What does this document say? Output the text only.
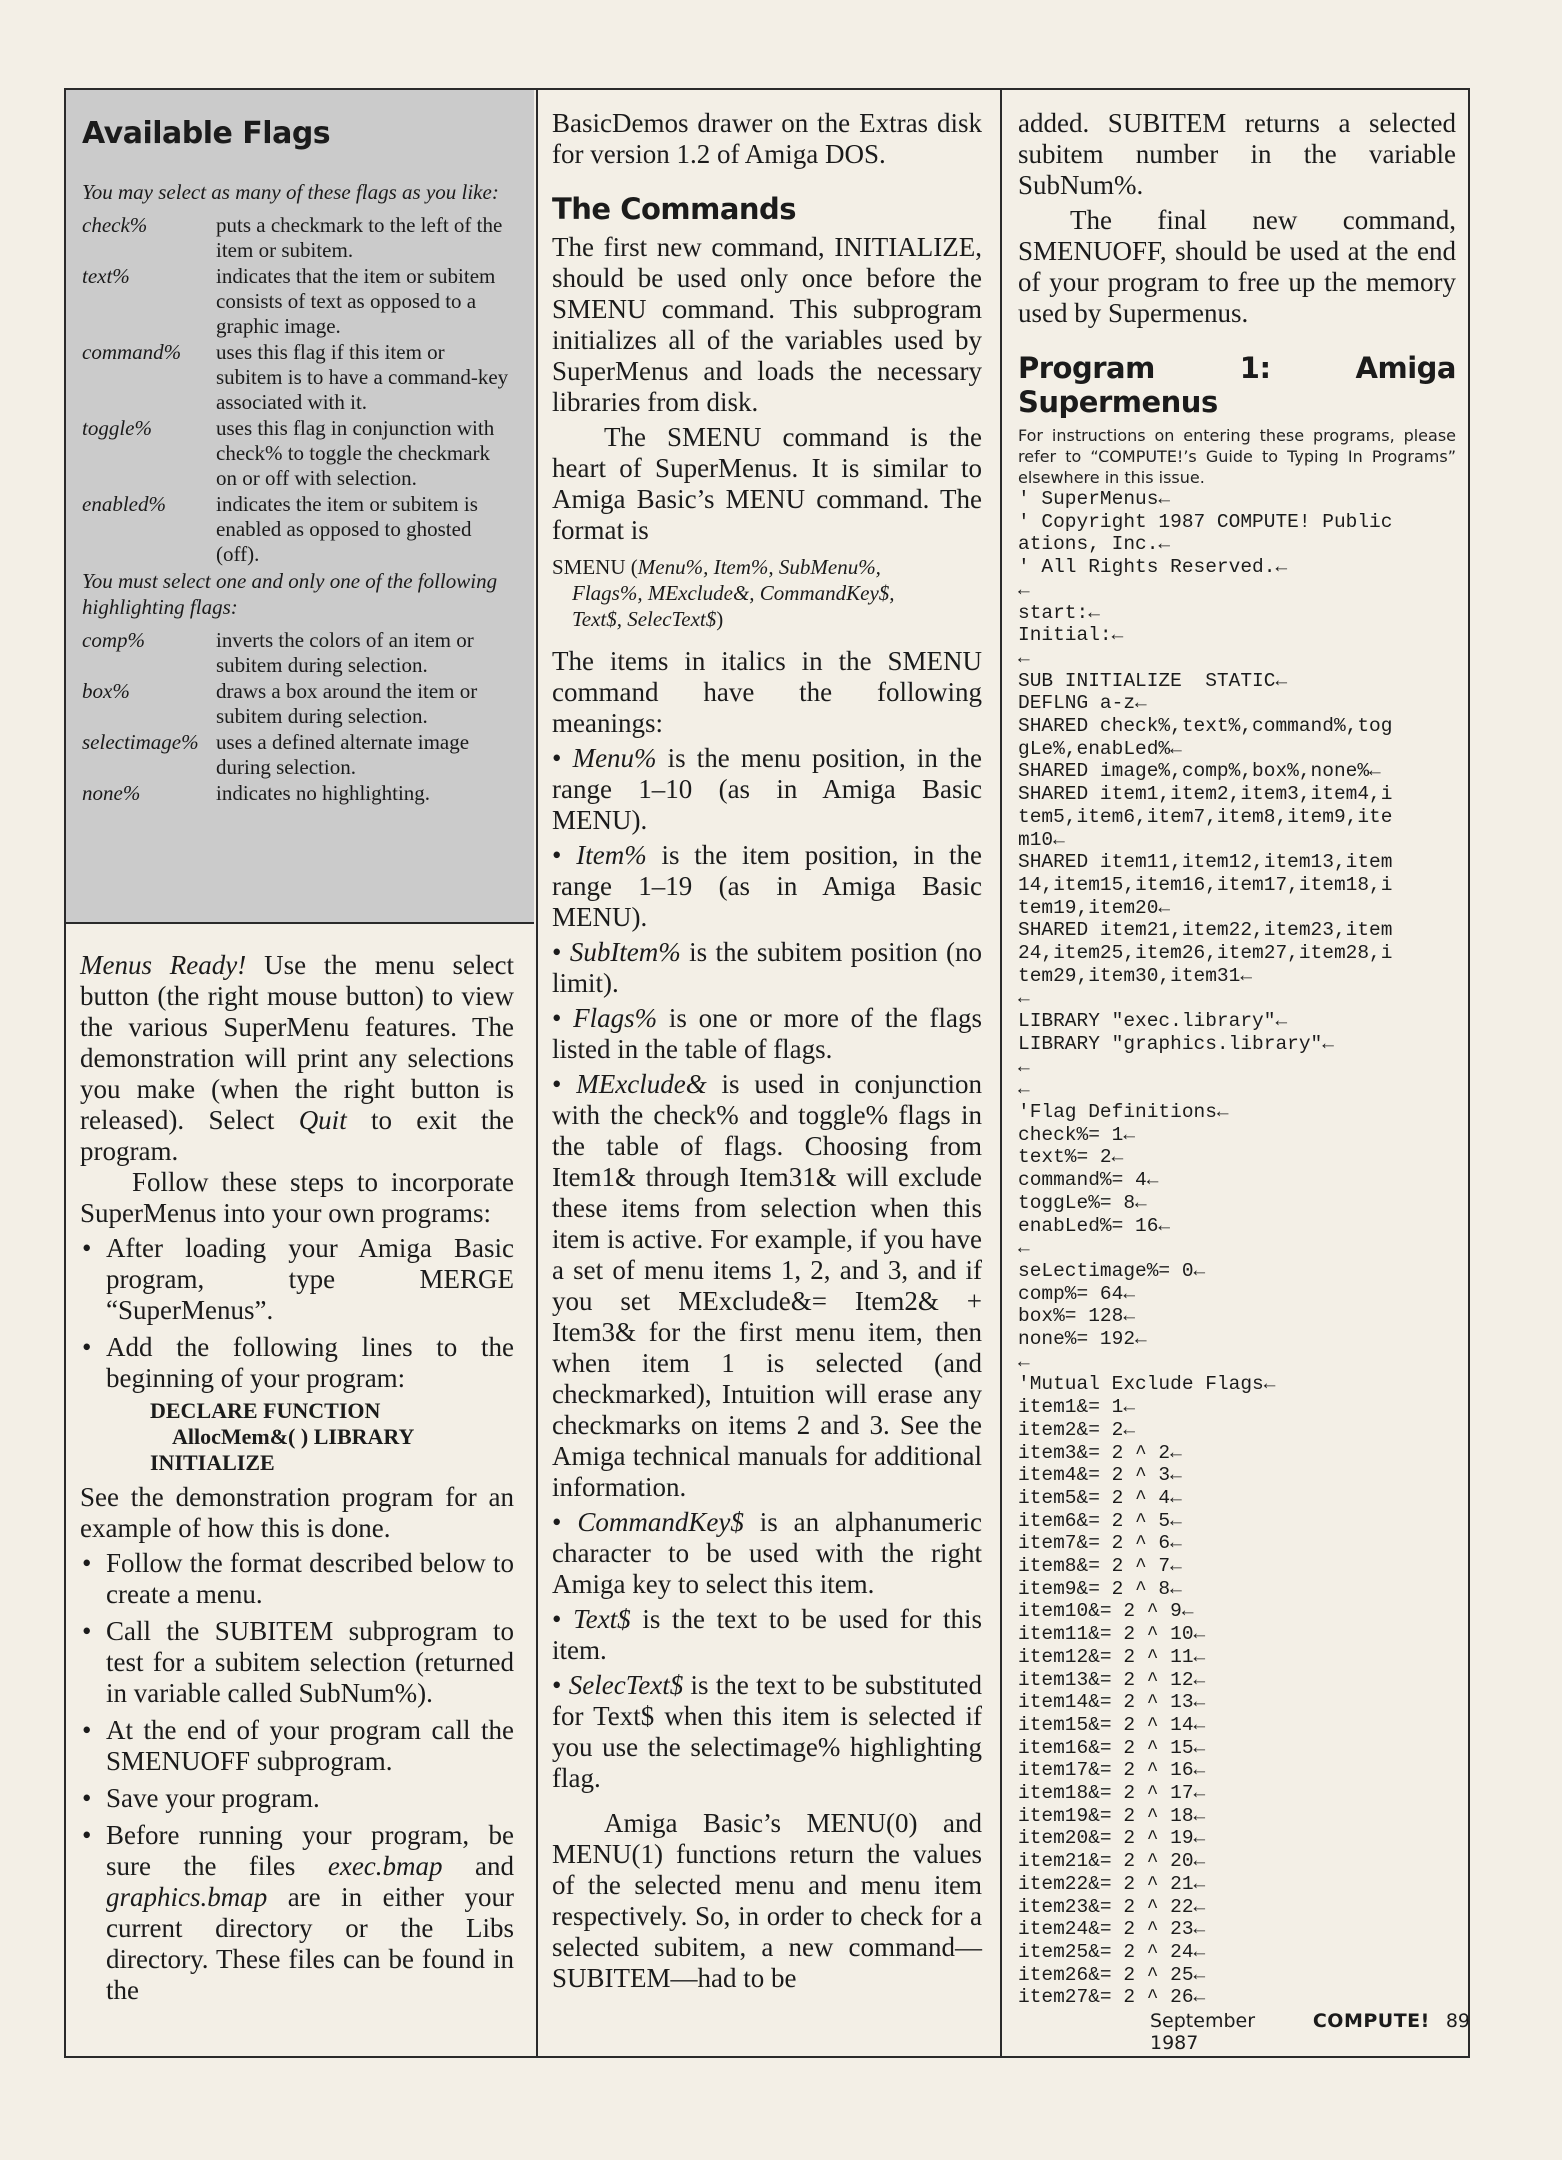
Available Flags

You may select as many of these flags as you like:

check%	puts a checkmark to the left of the item or subitem.
text%	indicates that the item or subitem consists of text as opposed to a graphic image.
command%	uses this flag if this item or subitem is to have a command-key associated with it.
toggle%	uses this flag in conjunction with check% to toggle the checkmark on or off with selection.
enabled%	indicates the item or subitem is enabled as opposed to ghosted (off).

You must select one and only one of the following highlighting flags:

comp%	inverts the colors of an item or subitem during selection.
box%	draws a box around the item or subitem during selection.
selectimage% uses a defined alternate image during selection.
none%	indicates no highlighting.

Menus Ready! Use the menu select button (the right mouse button) to view the various SuperMenu features. The demonstration will print any selections you make (when the right button is released). Select Quit to exit the program.

Follow these steps to incorporate SuperMenus into your own programs:

• After loading your Amiga Basic program, type MERGE “SuperMenus”.
• Add the following lines to the beginning of your program:
DECLARE FUNCTION
AllocMem&( ) LIBRARY
INITIALIZE

See the demonstration program for an example of how this is done.

• Follow the format described below to create a menu.
• Call the SUBITEM subprogram to test for a subitem selection (returned in variable called SubNum%).
• At the end of your program call the SMENUOFF subprogram.
• Save your program.
• Before running your program, be sure the files exec.bmap and graphics.bmap are in either your current directory or the Libs directory. These files can be found in the

BasicDemos drawer on the Extras disk for version 1.2 of Amiga DOS.

The Commands

The first new command, INITIALIZE, should be used only once before the SMENU command. This subprogram initializes all of the variables used by SuperMenus and loads the necessary libraries from disk.

The SMENU command is the heart of SuperMenus. It is similar to Amiga Basic’s MENU command. The format is

SMENU (Menu%, Item%, SubMenu%,
Flags%, MExclude&, CommandKey$,
Text$, SelecText$)

The items in italics in the SMENU command have the following meanings:

• Menu% is the menu position, in the range 1–10 (as in Amiga Basic MENU).

• Item% is the item position, in the range 1–19 (as in Amiga Basic MENU).

• SubItem% is the subitem position (no limit).

• Flags% is one or more of the flags listed in the table of flags.

• MExclude& is used in conjunction with the check% and toggle% flags in the table of flags. Choosing from Item1& through Item31& will exclude these items from selection when this item is active. For example, if you have a set of menu items 1, 2, and 3, and if you set MExclude&= Item2& + Item3& for the first menu item, then when item 1 is selected (and checkmarked), Intuition will erase any checkmarks on items 2 and 3. See the Amiga technical manuals for additional information.

• CommandKey$ is an alphanumeric character to be used with the right Amiga key to select this item.

• Text$ is the text to be used for this item.

• SelecText$ is the text to be substituted for Text$ when this item is selected if you use the selectimage% highlighting flag.

Amiga Basic’s MENU(0) and MENU(1) functions return the values of the selected menu and menu item respectively. So, in order to check for a selected subitem, a new command—SUBITEM—had to be

added. SUBITEM returns a selected subitem number in the variable SubNum%.

The final new command, SMENUOFF, should be used at the end of your program to free up the memory used by Supermenus.

Program 1: Amiga Supermenus

For instructions on entering these programs, please refer to “COMPUTE!’s Guide to Typing In Programs” elsewhere in this issue.

' SuperMenus←
' Copyright 1987 COMPUTE! Public
ations, Inc.←
' All Rights Reserved.←
←
start:←
Initial:←
←
SUB INITIALIZE  STATIC←
DEFLNG a-z←
SHARED check%,text%,command%,tog
gLe%,enabLed%←
SHARED image%,comp%,box%,none%←
SHARED item1,item2,item3,item4,i
tem5,item6,item7,item8,item9,ite
m10←
SHARED item11,item12,item13,item
14,item15,item16,item17,item18,i
tem19,item20←
SHARED item21,item22,item23,item
24,item25,item26,item27,item28,i
tem29,item30,item31←
←
LIBRARY "exec.library"←
LIBRARY "graphics.library"←
←
←
'Flag Definitions←
check%= 1←
text%= 2←
command%= 4←
toggLe%= 8←
enabLed%= 16←
←
seLectimage%= 0←
comp%= 64←
box%= 128←
none%= 192←
←
'Mutual Exclude Flags←
item1&= 1←
item2&= 2←
item3&= 2 ^ 2←
item4&= 2 ^ 3←
item5&= 2 ^ 4←
item6&= 2 ^ 5←
item7&= 2 ^ 6←
item8&= 2 ^ 7←
item9&= 2 ^ 8←
item10&= 2 ^ 9←
item11&= 2 ^ 10←
item12&= 2 ^ 11←
item13&= 2 ^ 12←
item14&= 2 ^ 13←
item15&= 2 ^ 14←
item16&= 2 ^ 15←
item17&= 2 ^ 16←
item18&= 2 ^ 17←
item19&= 2 ^ 18←
item20&= 2 ^ 19←
item21&= 2 ^ 20←
item22&= 2 ^ 21←
item23&= 2 ^ 22←
item24&= 2 ^ 23←
item25&= 2 ^ 24←
item26&= 2 ^ 25←
item27&= 2 ^ 26←
September 1987
COMPUTE! 89
